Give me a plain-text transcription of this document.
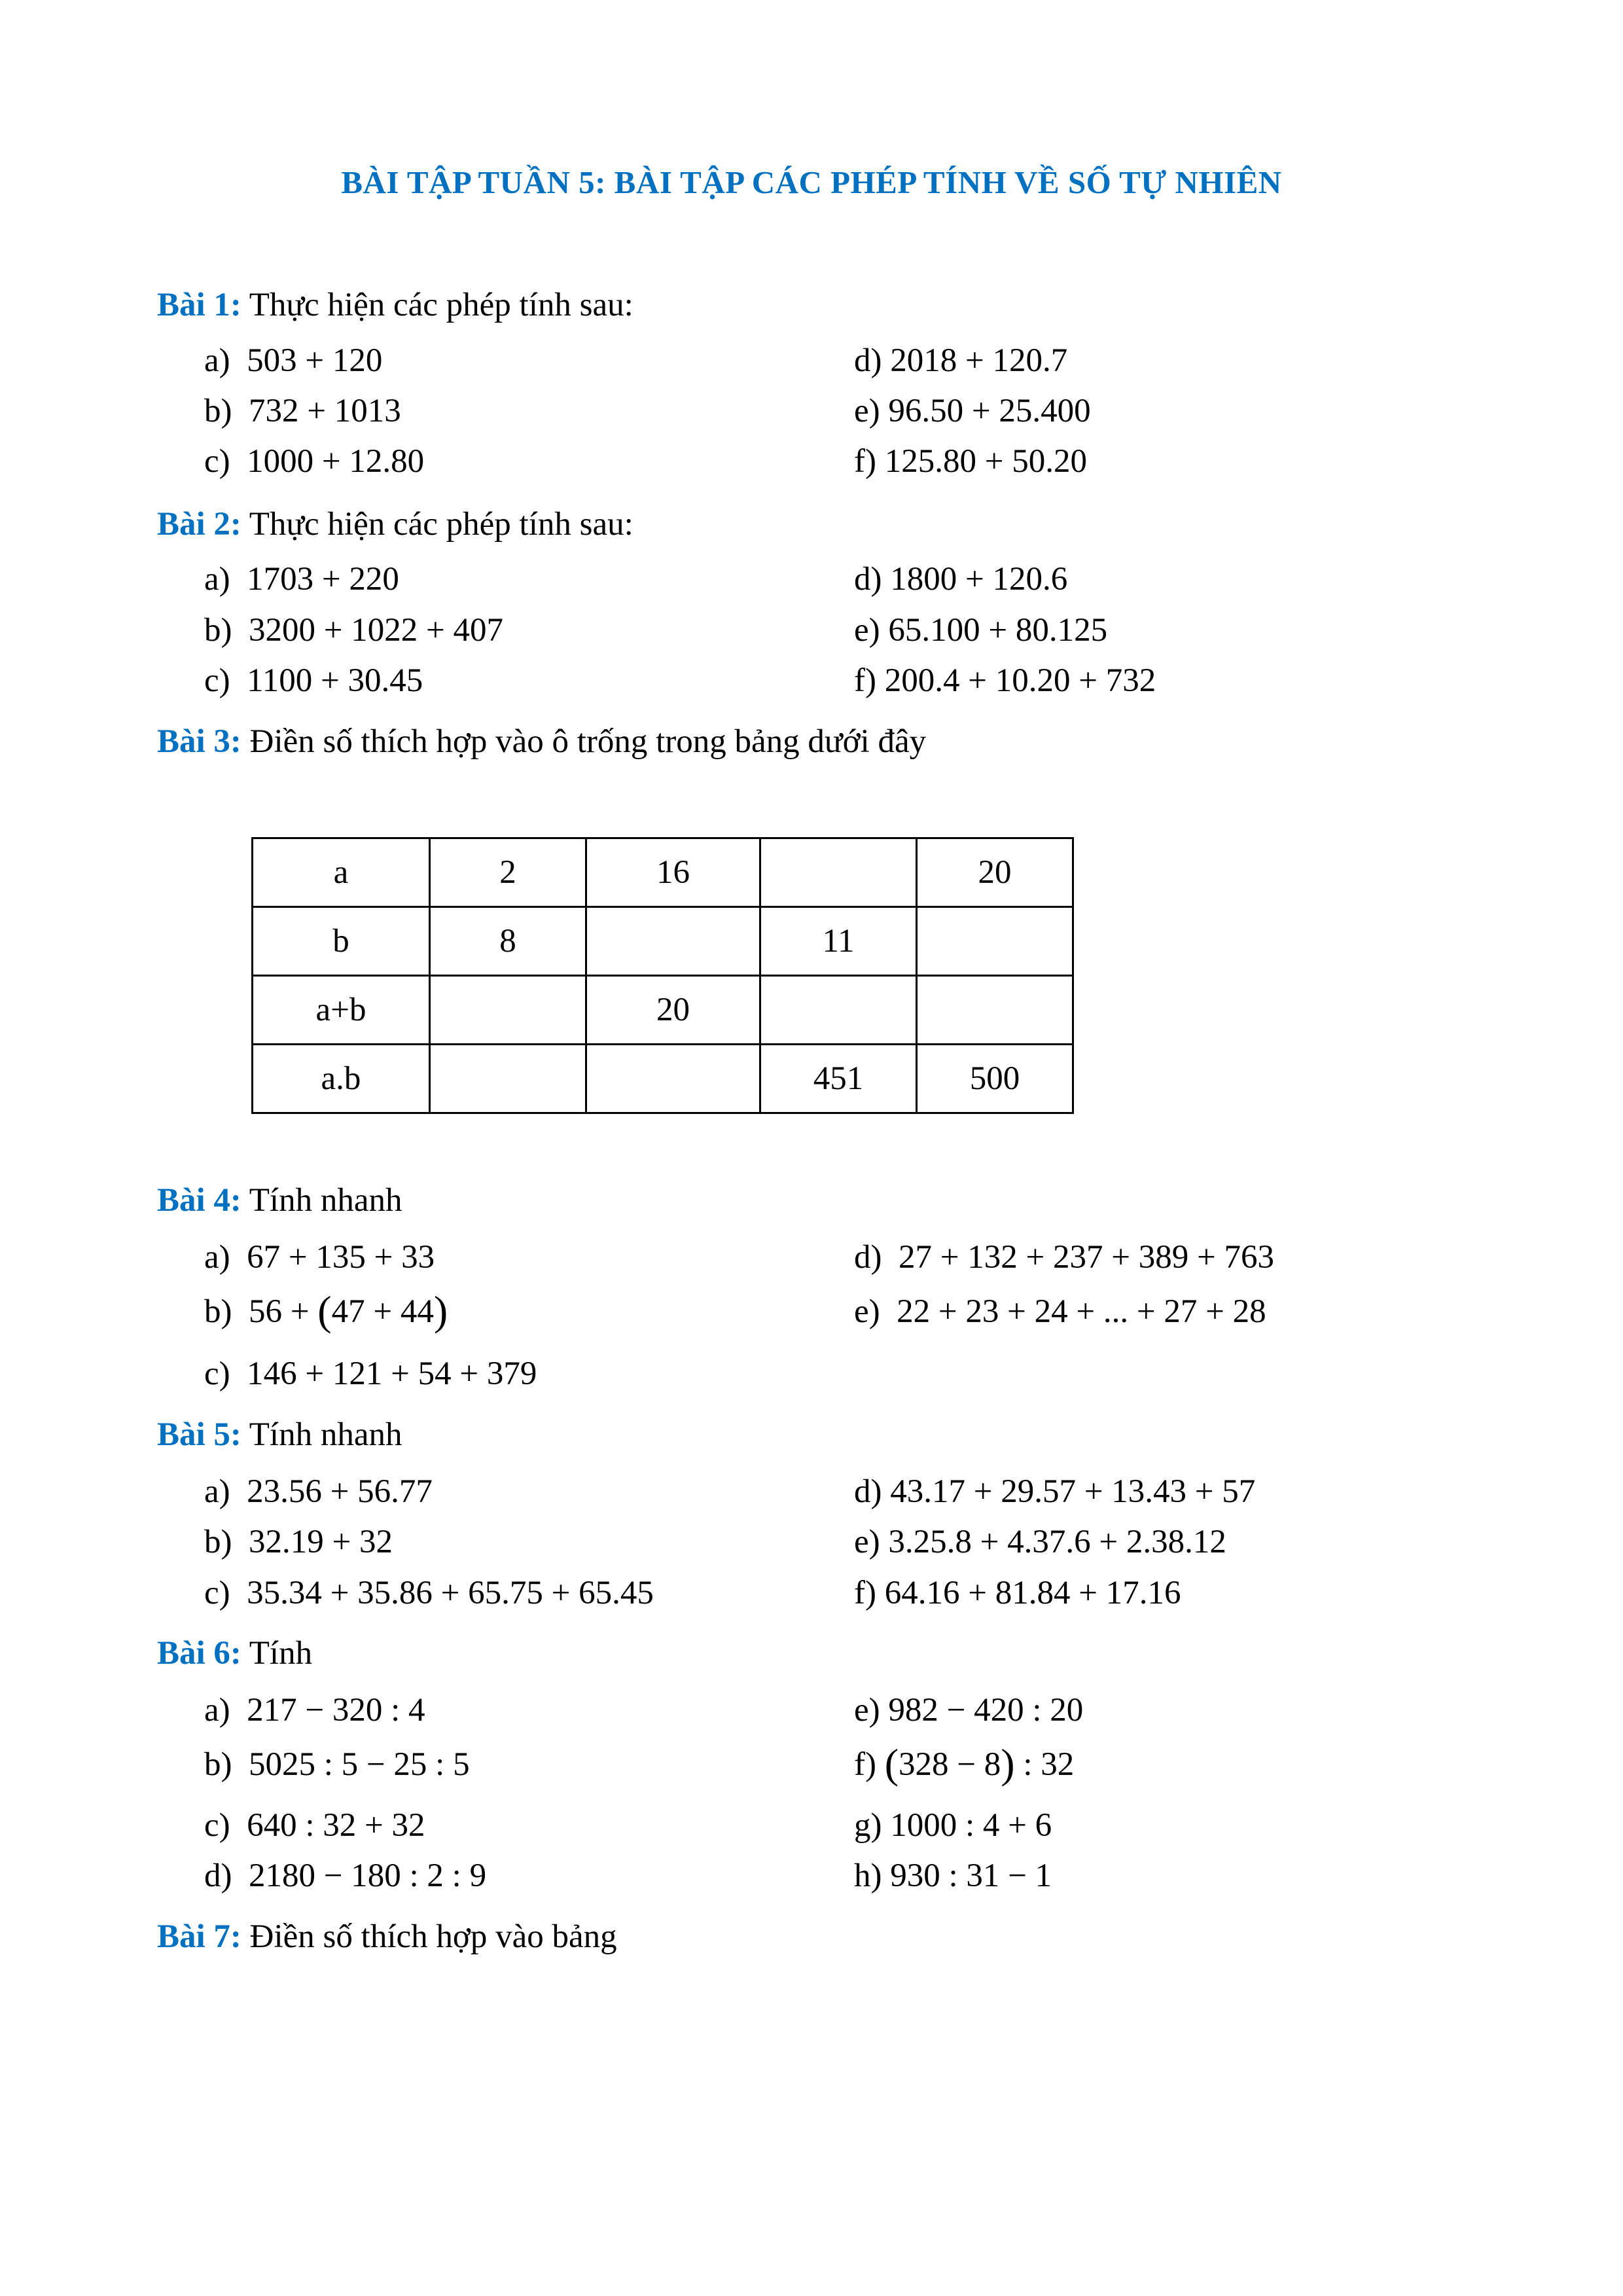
BÀI TẬP TUẦN 5: BÀI TẬP CÁC PHÉP TÍNH VỀ SỐ TỰ NHIÊN
Bài 1: Thực hiện các phép tính sau:
a) 503 + 120
b) 732 + 1013
c) 1000 + 12.80
d) 2018 + 120.7
e) 96.50 + 25.400
f) 125.80 + 50.20
Bài 2: Thực hiện các phép tính sau:
a) 1703 + 220
b) 3200 + 1022 + 407
c) 1100 + 30.45
d) 1800 + 120.6
e) 65.100 + 80.125
f) 200.4 + 10.20 + 732
Bài 3: Điền số thích hợp vào ô trống trong bảng dưới đây
a	2	16		20
b	8		11	
a+b		20		
a.b			451	500
Bài 4: Tính nhanh
a) 67 + 135 + 33
b) 56 + (47 + 44)
c) 146 + 121 + 54 + 379
d) 27 + 132 + 237 + 389 + 763
e) 22 + 23 + 24 + ... + 27 + 28
Bài 5: Tính nhanh
a) 23.56 + 56.77
b) 32.19 + 32
c) 35.34 + 35.86 + 65.75 + 65.45
d) 43.17 + 29.57 + 13.43 + 57
e) 3.25.8 + 4.37.6 + 2.38.12
f) 64.16 + 81.84 + 17.16
Bài 6: Tính
a) 217 − 320 : 4
b) 5025 : 5 − 25 : 5
c) 640 : 32 + 32
d) 2180 − 180 : 2 : 9
e) 982 − 420 : 20
f) (328 − 8) : 32
g) 1000 : 4 + 6
h) 930 : 31 − 1
Bài 7: Điền số thích hợp vào bảng
